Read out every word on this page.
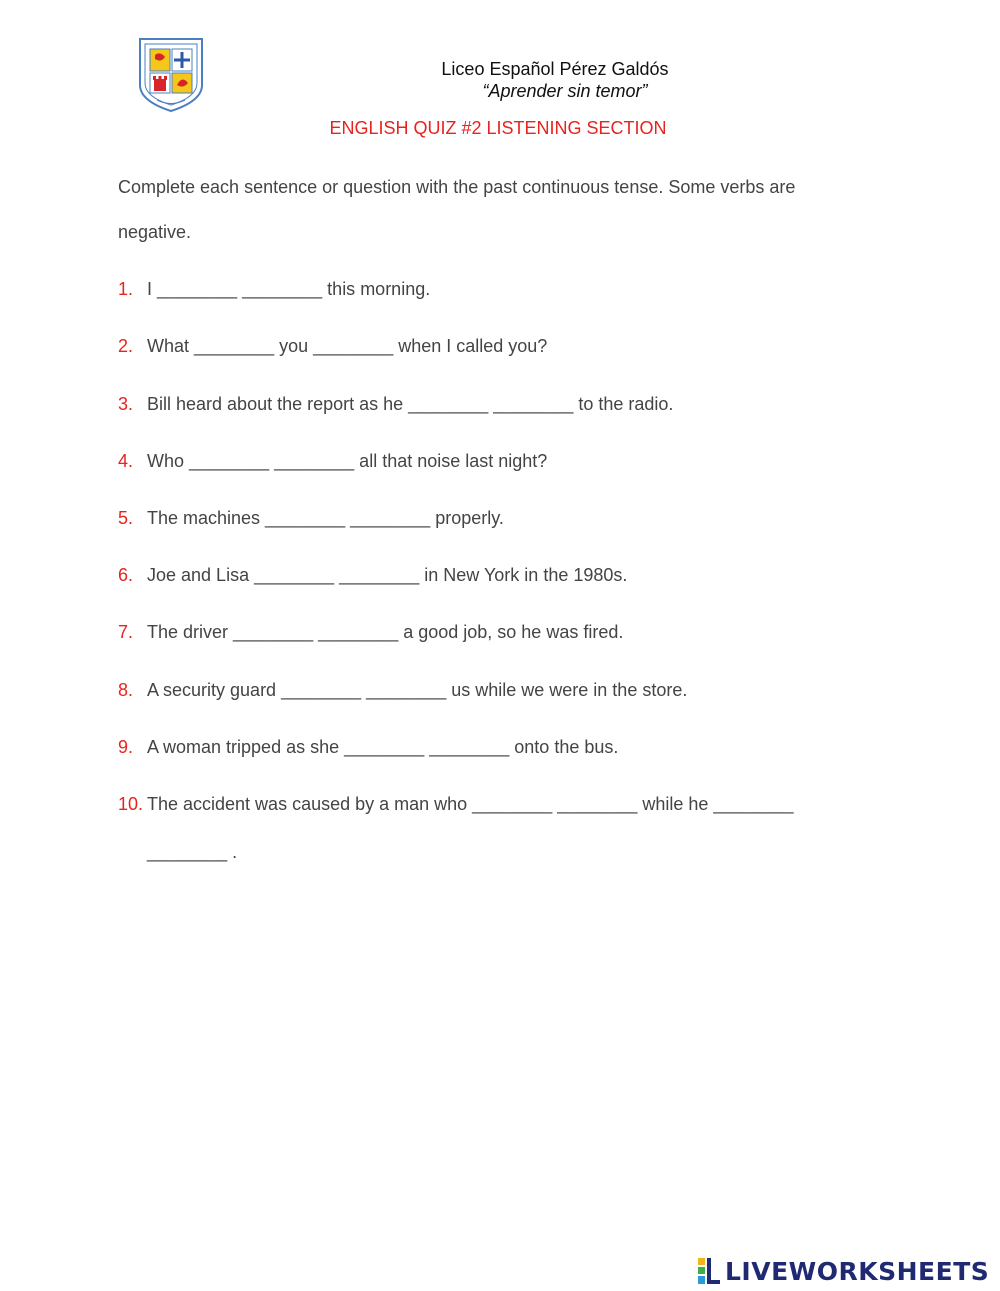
Liceo Español Pérez Galdós
“Aprender sin temor”
ENGLISH QUIZ #2 LISTENING SECTION
Complete each sentence or question with the past continuous tense. Some verbs are
negative.
1. I ________ ________ this morning.
2. What ________ you ________ when I called you?
3. Bill heard about the report as he ________ ________ to the radio.
4. Who ________ ________ all that noise last night?
5. The machines ________ ________ properly.
6. Joe and Lisa ________ ________ in New York in the 1980s.
7. The driver ________ ________ a good job, so he was fired.
8. A security guard ________ ________ us while we were in the store.
9. A woman tripped as she ________ ________ onto the bus.
10. The accident was caused by a man who ________ ________ while he ________
________ .
LIVEWORKSHEETS
